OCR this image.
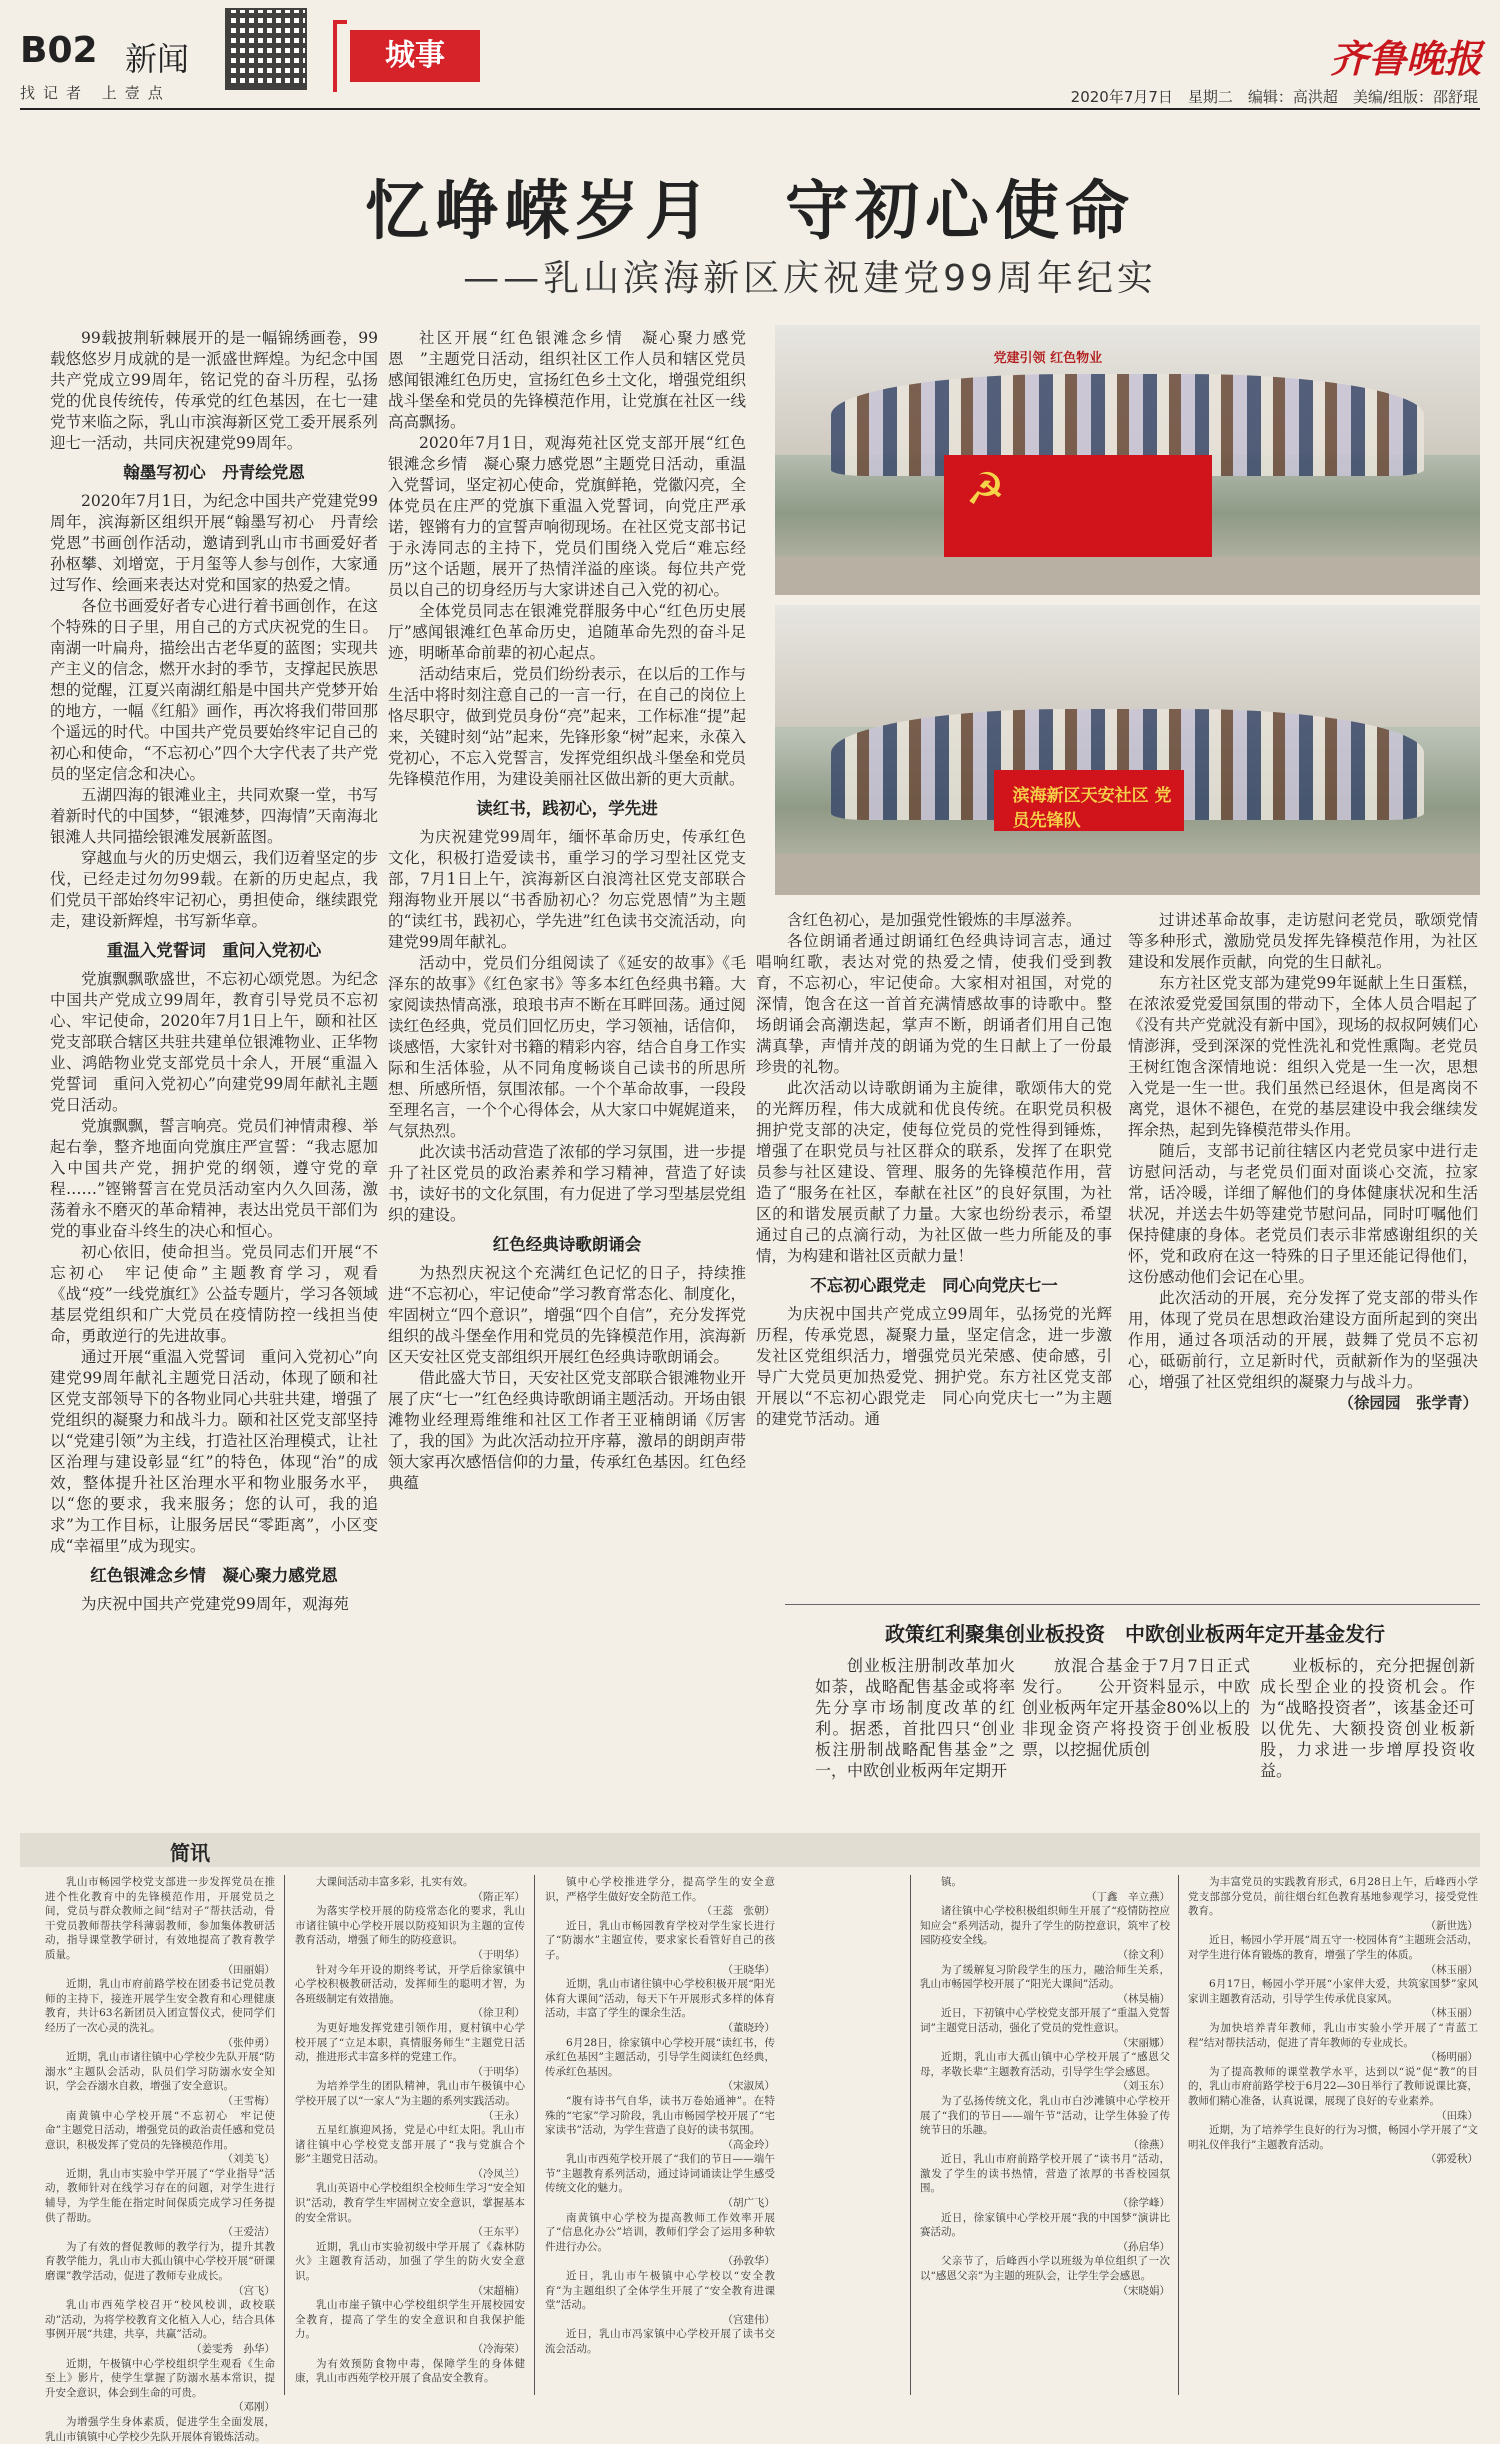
B02 新闻
找记者 上壹点
城事	齐鲁晚报
2020年7月7日　星期二　编辑：高洪超　美编/组版：邵舒琨
忆峥嵘岁月　守初心使命
——乳山滨海新区庆祝建党99周年纪实

99载披荆斩棘展开的是一幅锦绣画卷，99载悠悠岁月成就的是一派盛世辉煌。为纪念中国共产党成立99周年，铭记党的奋斗历程，弘扬党的优良传统传，传承党的红色基因，在七一建党节来临之际，乳山市滨海新区党工委开展系列迎七一活动，共同庆祝建党99周年。

翰墨写初心　丹青绘党恩

2020年7月1日，为纪念中国共产党建党99周年，滨海新区组织开展“翰墨写初心　丹青绘党恩”书画创作活动，邀请到乳山市书画爱好者孙枢攀、刘增宽，于月玺等人参与创作，大家通过写作、绘画来表达对党和国家的热爱之情。

各位书画爱好者专心进行着书画创作，在这个特殊的日子里，用自己的方式庆祝党的生日。南湖一叶扁舟，描绘出古老华夏的蓝图；实现共产主义的信念，燃开水封的季节，支撑起民族思想的觉醒，江夏兴南湖红船是中国共产党梦开始的地方，一幅《红船》画作，再次将我们带回那个遥远的时代。中国共产党员要始终牢记自己的初心和使命，“不忘初心”四个大字代表了共产党员的坚定信念和决心。

五湖四海的银滩业主，共同欢聚一堂，书写着新时代的中国梦，“银滩梦，四海情”天南海北银滩人共同描绘银滩发展新蓝图。

穿越血与火的历史烟云，我们迈着坚定的步伐，已经走过勿勿99载。在新的历史起点，我们党员干部始终牢记初心，勇担使命，继续跟党走，建设新辉煌，书写新华章。

重温入党誓词　重问入党初心

党旗飘飘歌盛世，不忘初心颂党恩。为纪念中国共产党成立99周年，教育引导党员不忘初心、牢记使命，2020年7月1日上午，颐和社区党支部联合辖区共驻共建单位银滩物业、正华物业、鸿皓物业党支部党员十余人，开展“重温入党誓词　重问入党初心”向建党99周年献礼主题党日活动。

党旗飘飘，誓言响亮。党员们神情肃穆、举起右拳，整齐地面向党旗庄严宣誓：“我志愿加入中国共产党，拥护党的纲领，遵守党的章程……”铿锵誓言在党员活动室内久久回荡，激荡着永不磨灭的革命精神，表达出党员干部们为党的事业奋斗终生的决心和恒心。

初心依旧，使命担当。党员同志们开展“不忘初心　牢记使命”主题教育学习，观看《战“疫”一线党旗红》公益专题片，学习各领域基层党组织和广大党员在疫情防控一线担当使命，勇敢逆行的先进故事。

通过开展“重温入党誓词　重问入党初心”向建党99周年献礼主题党日活动，体现了颐和社区党支部领导下的各物业同心共驻共建，增强了党组织的凝聚力和战斗力。颐和社区党支部坚持以“党建引领”为主线，打造社区治理模式，让社区治理与建设彰显“红”的特色，体现“治”的成效，整体提升社区治理水平和物业服务水平，以“您的要求，我来服务；您的认可，我的追求”为工作目标，让服务居民“零距离”，小区变成“幸福里”成为现实。

红色银滩念乡情　凝心聚力感党恩

为庆祝中国共产党建党99周年，观海苑

社区开展“红色银滩念乡情　凝心聚力感党恩　”主题党日活动，组织社区工作人员和辖区党员感闻银滩红色历史，宣扬红色乡土文化，增强党组织战斗堡垒和党员的先锋模范作用，让党旗在社区一线高高飘扬。

2020年7月1日，观海苑社区党支部开展“红色银滩念乡情　凝心聚力感党恩”主题党日活动，重温入党誓词，坚定初心使命，党旗鲜艳，党徽闪亮，全体党员在庄严的党旗下重温入党誓词，向党庄严承诺，铿锵有力的宣誓声响彻现场。在社区党支部书记于永涛同志的主持下，党员们围绕入党后“难忘经历”这个话题，展开了热情洋溢的座谈。每位共产党员以自己的切身经历与大家讲述自己入党的初心。

全体党员同志在银滩党群服务中心“红色历史展厅”感闻银滩红色革命历史，追随革命先烈的奋斗足迹，明晰革命前辈的初心起点。

活动结束后，党员们纷纷表示，在以后的工作与生活中将时刻注意自己的一言一行，在自己的岗位上恪尽职守，做到党员身份“亮”起来，工作标准“提”起来，关键时刻“站”起来，先锋形象“树”起来，永葆入党初心，不忘入党誓言，发挥党组织战斗堡垒和党员先锋模范作用，为建设美丽社区做出新的更大贡献。

读红书，践初心，学先进

为庆祝建党99周年，缅怀革命历史，传承红色文化，积极打造爱读书，重学习的学习型社区党支部，7月1日上午，滨海新区白浪湾社区党支部联合翔海物业开展以“书香励初心？勿忘党恩情”为主题的“读红书，践初心，学先进”红色读书交流活动，向建党99周年献礼。

活动中，党员们分组阅读了《延安的故事》《毛泽东的故事》《红色家书》等多本红色经典书籍。大家阅读热情高涨，琅琅书声不断在耳畔回荡。通过阅读红色经典，党员们回忆历史，学习领袖，话信仰，谈感悟，大家针对书籍的精彩内容，结合自身工作实际和生活体验，从不同角度畅谈自己读书的所思所想、所感所悟，氛围浓郁。一个个革命故事，一段段至理名言，一个个心得体会，从大家口中娓娓道来，气氛热烈。

此次读书活动营造了浓郁的学习氛围，进一步提升了社区党员的政治素养和学习精神，营造了好读书，读好书的文化氛围，有力促进了学习型基层党组织的建设。

红色经典诗歌朗诵会

为热烈庆祝这个充满红色记忆的日子，持续推进“不忘初心，牢记使命”学习教育常态化、制度化，牢固树立“四个意识”，增强“四个自信”，充分发挥党组织的战斗堡垒作用和党员的先锋模范作用，滨海新区天安社区党支部组织开展红色经典诗歌朗诵会。

借此盛大节日，天安社区党支部联合银滩物业开展了庆“七一”红色经典诗歌朗诵主题活动。开场由银滩物业经理焉维维和社区工作者王亚楠朗诵《厉害了，我的国》为此次活动拉开序幕，激昂的朗朗声带领大家再次感悟信仰的力量，传承红色基因。红色经典蕴

☭
党建引领 红色物业
滨海新区天安社区 党员先锋队

含红色初心，是加强党性锻炼的丰厚滋养。

各位朗诵者通过朗诵红色经典诗词言志，通过唱响红歌，表达对党的热爱之情，使我们受到教育，不忘初心，牢记使命。大家相对祖国，对党的深情，饱含在这一首首充满情感故事的诗歌中。整场朗诵会高潮迭起，掌声不断，朗诵者们用自己饱满真挚，声情并茂的朗诵为党的生日献上了一份最珍贵的礼物。

此次活动以诗歌朗诵为主旋律，歌颂伟大的党的光辉历程，伟大成就和优良传统。在职党员积极拥护党支部的决定，使每位党员的党性得到锤炼，增强了在职党员与社区群众的联系，发挥了在职党员参与社区建设、管理、服务的先锋模范作用，营造了“服务在社区，奉献在社区”的良好氛围，为社区的和谐发展贡献了力量。大家也纷纷表示，希望通过自己的点滴行动，为社区做一些力所能及的事情，为构建和谐社区贡献力量！

不忘初心跟党走　同心向党庆七一

为庆祝中国共产党成立99周年，弘扬党的光辉历程，传承党恩，凝聚力量，坚定信念，进一步激发社区党组织活力，增强党员光荣感、使命感，引导广大党员更加热爱党、拥护党。东方社区党支部开展以“不忘初心跟党走　同心向党庆七一”为主题的建党节活动。通

过讲述革命故事，走访慰问老党员，歌颂党情等多种形式，激励党员发挥先锋模范作用，为社区建设和发展作贡献，向党的生日献礼。

东方社区党支部为建党99年诞献上生日蛋糕，在浓浓爱党爱国氛围的带动下，全体人员合唱起了《没有共产党就没有新中国》，现场的叔叔阿姨们心情澎湃，受到深深的党性洗礼和党性熏陶。老党员王树红饱含深情地说：组织入党是一生一次，思想入党是一生一世。我们虽然已经退休，但是离岗不离党，退休不褪色，在党的基层建设中我会继续发挥余热，起到先锋模范带头作用。

随后，支部书记前往辖区内老党员家中进行走访慰问活动，与老党员们面对面谈心交流，拉家常，话冷暖，详细了解他们的身体健康状况和生活状况，并送去牛奶等建党节慰问品，同时叮嘱他们保持健康的身体。老党员们表示非常感谢组织的关怀，党和政府在这一特殊的日子里还能记得他们，这份感动他们会记在心里。

此次活动的开展，充分发挥了党支部的带头作用，体现了党员在思想政治建设方面所起到的突出作用，通过各项活动的开展，鼓舞了党员不忘初心，砥砺前行，立足新时代，贡献新作为的坚强决心，增强了社区党组织的凝聚力与战斗力。

（徐园园　张学青）

政策红利聚集创业板投资　中欧创业板两年定开基金发行

创业板注册制改革加火如荼，战略配售基金或将率先分享市场制度改革的红利。据悉，首批四只“创业板注册制战略配售基金”之一，中欧创业板两年定期开

放混合基金于7月7日正式发行。　　公开资料显示，中欧创业板两年定开基金80%以上的非现金资产将投资于创业板股票，以挖掘优质创

业板标的，充分把握创新成长型企业的投资机会。作为“战略投资者”，该基金还可以优先、大额投资创业板新股，力求进一步增厚投资收益。

简讯

乳山市畅园学校党支部进一步发挥党员在推进个性化教育中的先锋模范作用，开展党员之间，党员与群众教师之间“结对子”帮扶活动，骨干党员教师帮扶学科薄弱教师，参加集体教研活动，指导课堂教学研讨，有效地提高了教育教学质量。

（田丽娟）

近期，乳山市府前路学校在团委书记党员教师的主持下，接连开展学生安全教育和心理健康教育，共计63名新团员入团宣誓仪式，使同学们经历了一次心灵的洗礼。

（张仲勇）

近期，乳山市诸往镇中心学校少先队开展“防溺水”主题队会活动，队员们学习防溺水安全知识，学会吞溺水自救，增强了安全意识。

（王雪梅）

南黄镇中心学校开展“不忘初心　牢记使命”主题党日活动，增强党员的政治责任感和党员意识，积极发挥了党员的先锋模范作用。

（刘美飞）

近期，乳山市实验中学开展了“学业指导”活动，教师针对在线学习存在的问题，对学生进行辅导，为学生能在指定时间保质完成学习任务提供了帮助。

（王爱洁）

为了有效的督促教师的教学行为，提升其教育教学能力，乳山市大孤山镇中心学校开展“研课磨课”教学活动，促进了教师专业成长。

（宫飞）

乳山市西苑学校召开“校风校训，政校联动”活动，为将学校教育文化植入人心，结合具体事例开展“共建，共享，共赢”活动。

（姜雯秀　孙华）

近期，午极镇中心学校组织学生观看《生命至上》影片，使学生掌握了防溺水基本常识，提升安全意识，体会到生命的可贵。

（邓刚）

为增强学生身体素质，促进学生全面发展，乳山市镇镇中心学校少先队开展体育锻炼活动。

大课间活动丰富多彩，扎实有效。

（隋正军）

为落实学校开展的防疫常态化的要求，乳山市诸往镇中心学校开展以防疫知识为主题的宣传教育活动，增强了师生的防疫意识。

（于明华）

针对今年开设的期终考试，开学后徐家镇中心学校积极教研活动，发挥师生的聪明才智，为各班级制定有效措施。

（徐卫利）

为更好地发挥党建引领作用，夏村镇中心学校开展了“立足本职，真情服务师生”主题党日活动，推进形式丰富多样的党建工作。

（于明华）

为培养学生的团队精神，乳山市午极镇中心学校开展了以“一家人”为主题的系列实践活动。

（王永）

五星红旗迎风扬，党是心中红太阳。乳山市诸往镇中心学校党支部开展了“我与党旗合个影”主题党日活动。

（冷凤兰）

乳山英语中心学校组织全校师生学习“安全知识”活动，教育学生牢固树立安全意识，掌握基本的安全常识。

（王东平）

近期，乳山市实验初级中学开展了《森林防火》主题教育活动，加强了学生的防火安全意识。

（宋超楠）

乳山市崖子镇中心学校组织学生开展校园安全教育，提高了学生的安全意识和自我保护能力。

（冷海荣）

为有效预防食物中毒，保障学生的身体健康，乳山市西苑学校开展了食品安全教育。

镇中心学校推进学分，提高学生的安全意识，严格学生做好安全防范工作。

（王蕊　张朝）

近日，乳山市畅园教育学校对学生家长进行了“防溺水”主题宣传，要求家长看管好自己的孩子。

（王晓华）

近期，乳山市诸往镇中心学校积极开展“阳光体育大课间”活动，每天下午开展形式多样的体育活动，丰富了学生的课余生活。

（董晓玲）

6月28日，徐家镇中心学校开展“读红书，传承红色基因”主题活动，引导学生阅读红色经典，传承红色基因。

（宋淑凤）

“腹有诗书气自华，读书万卷始通神”。在特殊的“宅家”学习阶段，乳山市畅园学校开展了“宅家读书”活动，为学生营造了良好的读书氛围。

（高金玲）

乳山市西苑学校开展了“我们的节日——端午节”主题教育系列活动，通过诗词诵读让学生感受传统文化的魅力。

（胡广飞）

南黄镇中心学校为提高教师工作效率开展了“信息化办公”培训，教师们学会了运用多种软件进行办公。

（孙敦华）

近日，乳山市午极镇中心学校以“安全教育”为主题组织了全体学生开展了“安全教育进课堂”活动。

（宫建伟）

近日，乳山市冯家镇中心学校开展了读书交流会活动。

镇。

（丁鑫　辛立燕）

诸往镇中心学校积极组织师生开展了“疫情防控应知应会”系列活动，提升了学生的防控意识，筑牢了校园防疫安全线。

（徐文利）

为了缓解复习阶段学生的压力，融洽师生关系，乳山市畅园学校开展了“阳光大课间”活动。

（林昊楠）

近日，下初镇中心学校党支部开展了“重温入党誓词”主题党日活动，强化了党员的党性意识。

（宋丽娜）

近期，乳山市大孤山镇中心学校开展了“感恩父母，孝敬长辈”主题教育活动，引导学生学会感恩。

（刘玉东）

为了弘扬传统文化，乳山市白沙滩镇中心学校开展了“我们的节日——端午节”活动，让学生体验了传统节日的乐趣。

（徐燕）

近日，乳山市府前路学校开展了“读书月”活动，激发了学生的读书热情，营造了浓厚的书香校园氛围。

（徐学峰）

近日，徐家镇中心学校开展“我的中国梦”演讲比赛活动。

（孙启华）

父亲节了，后峰西小学以班级为单位组织了一次以“感恩父亲”为主题的班队会，让学生学会感恩。

（宋晓娟）

为丰富党员的实践教育形式，6月28日上午，后峰西小学党支部部分党员，前往烟台红色教育基地参观学习，接受党性教育。

（新世选）

近日，畅园小学开展“周五守一·校园体育”主题班会活动，对学生进行体育锻炼的教育，增强了学生的体质。

（林玉丽）

6月17日，畅园小学开展“小家伴大爱，共筑家国梦”家风家训主题教育活动，引导学生传承优良家风。

（林玉丽）

为加快培养青年教师，乳山市实验小学开展了“青蓝工程”结对帮扶活动，促进了青年教师的专业成长。

（杨明丽）

为了提高教师的课堂教学水平，达到以“说”促“教”的目的，乳山市府前路学校于6月22—30日举行了教师说课比赛，教师们精心准备，认真说课，展现了良好的专业素养。

（田珠）

近期，为了培养学生良好的行为习惯，畅园小学开展了“文明礼仪伴我行”主题教育活动。

（郭爱秋）
